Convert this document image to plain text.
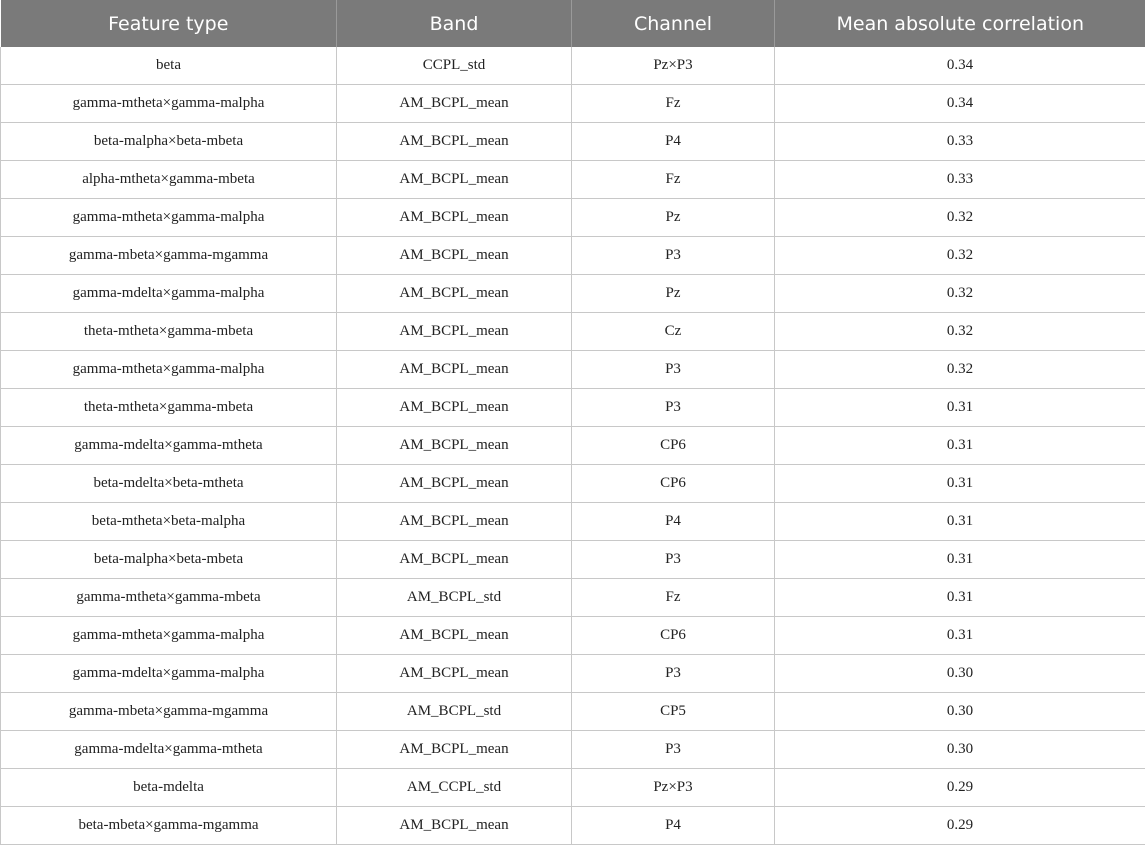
Feature type	Band	Channel	Mean absolute correlation
beta	CCPL_std	Pz×P3	0.34
gamma-mtheta×gamma-malpha	AM_BCPL_mean	Fz	0.34
beta-malpha×beta-mbeta	AM_BCPL_mean	P4	0.33
alpha-mtheta×gamma-mbeta	AM_BCPL_mean	Fz	0.33
gamma-mtheta×gamma-malpha	AM_BCPL_mean	Pz	0.32
gamma-mbeta×gamma-mgamma	AM_BCPL_mean	P3	0.32
gamma-mdelta×gamma-malpha	AM_BCPL_mean	Pz	0.32
theta-mtheta×gamma-mbeta	AM_BCPL_mean	Cz	0.32
gamma-mtheta×gamma-malpha	AM_BCPL_mean	P3	0.32
theta-mtheta×gamma-mbeta	AM_BCPL_mean	P3	0.31
gamma-mdelta×gamma-mtheta	AM_BCPL_mean	CP6	0.31
beta-mdelta×beta-mtheta	AM_BCPL_mean	CP6	0.31
beta-mtheta×beta-malpha	AM_BCPL_mean	P4	0.31
beta-malpha×beta-mbeta	AM_BCPL_mean	P3	0.31
gamma-mtheta×gamma-mbeta	AM_BCPL_std	Fz	0.31
gamma-mtheta×gamma-malpha	AM_BCPL_mean	CP6	0.31
gamma-mdelta×gamma-malpha	AM_BCPL_mean	P3	0.30
gamma-mbeta×gamma-mgamma	AM_BCPL_std	CP5	0.30
gamma-mdelta×gamma-mtheta	AM_BCPL_mean	P3	0.30
beta-mdelta	AM_CCPL_std	Pz×P3	0.29
beta-mbeta×gamma-mgamma	AM_BCPL_mean	P4	0.29
